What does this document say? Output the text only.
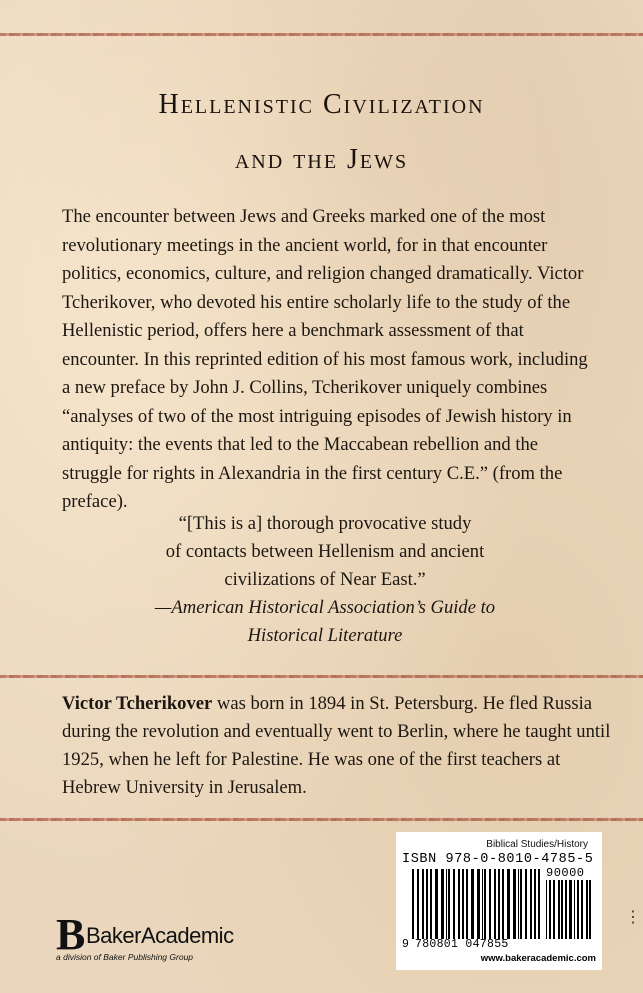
Hellenistic Civilization
and the Jews

The encounter between Jews and Greeks marked one of the most revolutionary meetings in the ancient world, for in that encounter politics, economics, culture, and religion changed dramatically. Victor Tcherikover, who devoted his entire scholarly life to the study of the Hellenistic period, offers here a benchmark assessment of that encounter. In this reprinted edition of his most famous work, including a new preface by John J. Collins, Tcherikover uniquely combines “analyses of two of the most intriguing episodes of Jewish history in antiquity: the events that led to the Maccabean rebellion and the struggle for rights in Alexandria in the first century C.E.” (from the preface).

“[This is a] thorough provocative study
of contacts between Hellenism and ancient
civilizations of Near East.”
—American Historical Association’s Guide to
Historical Literature

Victor Tcherikover was born in 1894 in St. Petersburg. He fled Russia during the revolution and eventually went to Berlin, where he taught until 1925, when he left for Palestine. He was one of the first teachers at Hebrew University in Jerusalem.

B BakerAcademic
a division of Baker Publishing Group
Biblical Studies/History
ISBN 978-0-8010-4785-5
90000
9 780801 047855
www.bakeracademic.com
⋮
